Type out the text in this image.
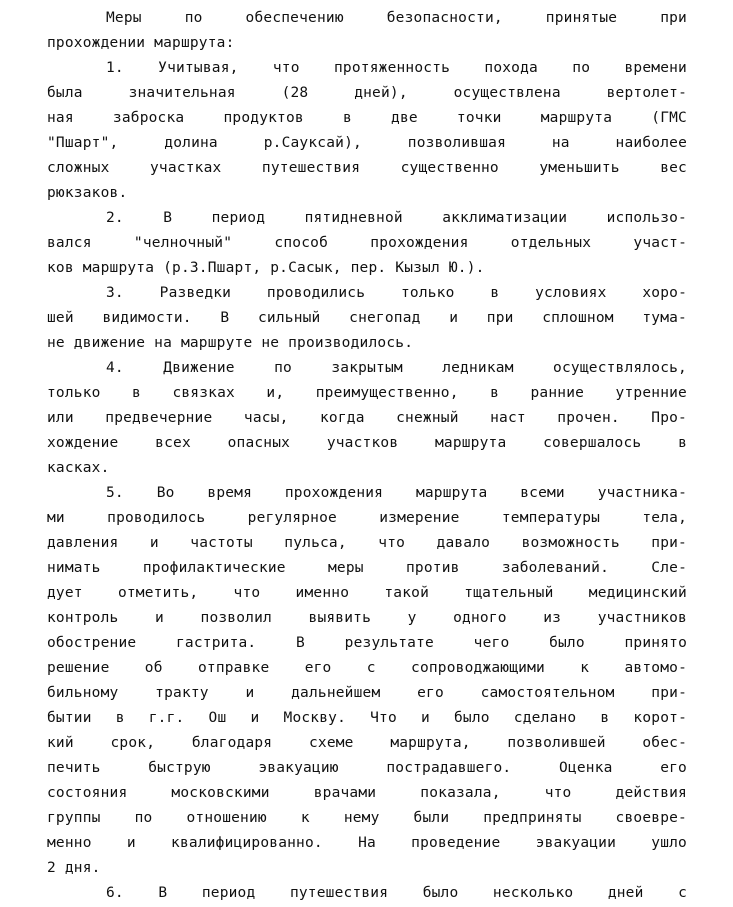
Меры по обеспечению безопасности, принятые при
прохождении маршрута:
1. Учитывая, что протяженность похода по времени
была значительная (28 дней), осуществлена вертолет-
ная заброска продуктов в две точки маршрута (ГМС
"Пшарт", долина р.Сауксай), позволившая на наиболее
сложных участках путешествия существенно уменьшить вес
рюкзаков.
2. В период пятидневной акклиматизации использо-
вался "челночный" способ прохождения отдельных участ-
ков маршрута (р.З.Пшарт, р.Сасык, пер. Кызыл Ю.).
3. Разведки проводились только в условиях хоро-
шей видимости. В сильный снегопад и при сплошном тума-
не движение на маршруте не производилось.
4. Движение по закрытым ледникам осуществлялось,
только в связках и, преимущественно, в ранние утренние
или предвечерние часы, когда снежный наст прочен. Про-
хождение всех опасных участков маршрута совершалось в
касках.
5. Во время прохождения маршрута всеми участника-
ми проводилось регулярное измерение температуры тела,
давления и частоты пульса, что давало возможность при-
нимать профилактические меры против заболеваний. Сле-
дует отметить, что именно такой тщательный медицинский
контроль и позволил выявить у одного из участников
обострение гастрита. В результате чего было принято
решение об отправке его с сопроводжающими к автомо-
бильному тракту и дальнейшем его самостоятельном при-
бытии в г.г. Ош и Москву. Что и было сделано в корот-
кий срок, благодаря схеме маршрута, позволившей обес-
печить быструю эвакуацию пострадавшего. Оценка его
состояния московскими врачами показала, что действия
группы по отношению к нему были предприняты своевре-
менно и квалифицированно. На проведение эвакуации ушло
2 дня.
6. В период путешествия было несколько дней с
